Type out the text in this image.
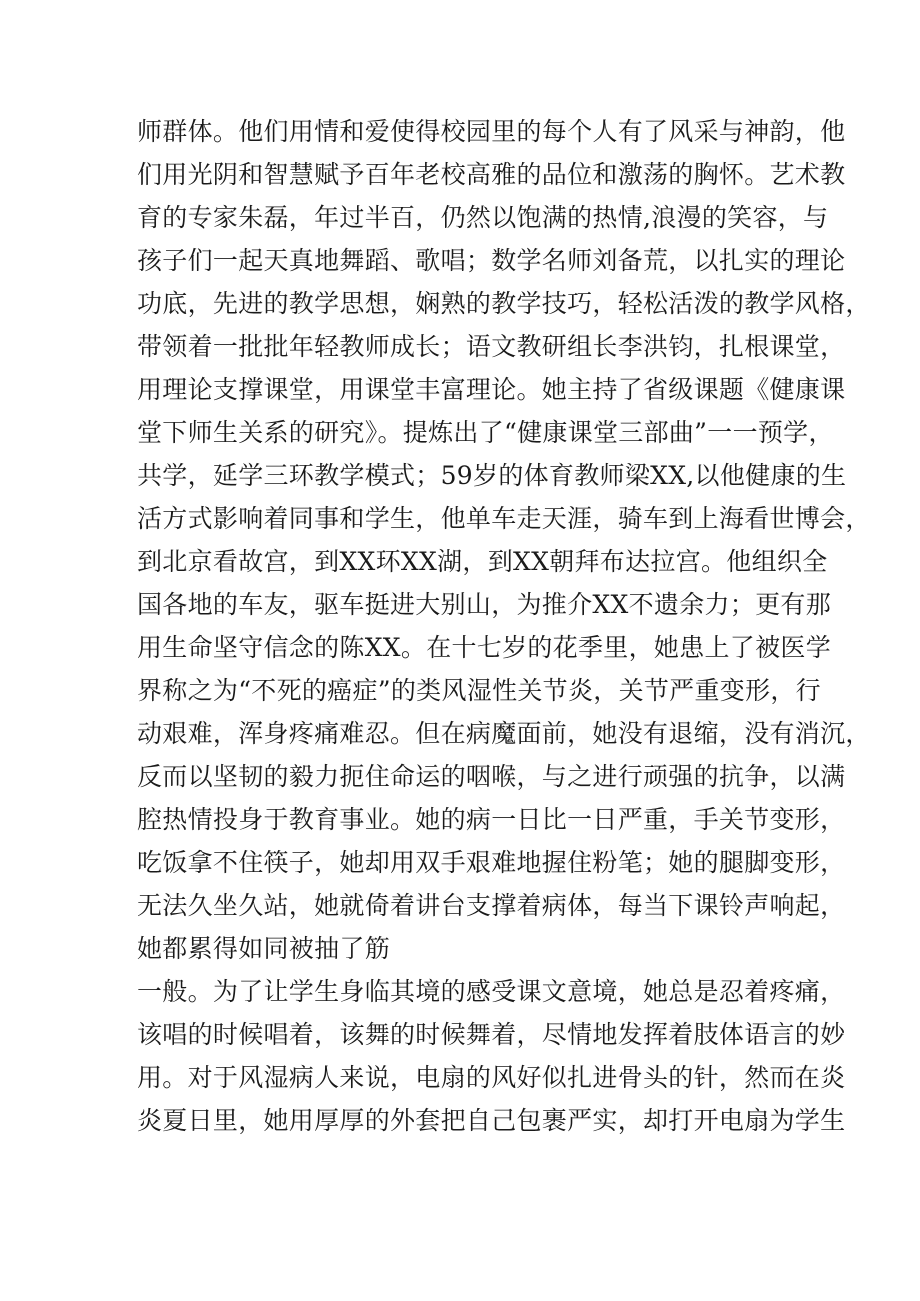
师群体。他们用情和爱使得校园里的每个人有了风采与神韵，他
们用光阴和智慧赋予百年老校高雅的品位和激荡的胸怀。艺术教
育的专家朱磊，年过半百，仍然以饱满的热情,浪漫的笑容，与
孩子们一起天真地舞蹈、歌唱；数学名师刘备荒，以扎实的理论
功底，先进的教学思想，娴熟的教学技巧，轻松活泼的教学风格，
带领着一批批年轻教师成长；语文教研组长李洪钧，扎根课堂，
用理论支撑课堂，用课堂丰富理论。她主持了省级课题《健康课
堂下师生关系的研究》。提炼出了“健康课堂三部曲”一一预学，
共学，延学三环教学模式；59岁的体育教师梁XX,以他健康的生
活方式影响着同事和学生，他单车走天涯，骑车到上海看世博会，
到北京看故宫，到XX环XX湖，到XX朝拜布达拉宫。他组织全
国各地的车友，驱车挺进大别山，为推介XX不遗余力；更有那
用生命坚守信念的陈XX。在十七岁的花季里，她患上了被医学
界称之为“不死的癌症”的类风湿性关节炎，关节严重变形，行
动艰难，浑身疼痛难忍。但在病魔面前，她没有退缩，没有消沉，
反而以坚韧的毅力扼住命运的咽喉，与之进行顽强的抗争，以满
腔热情投身于教育事业。她的病一日比一日严重，手关节变形，
吃饭拿不住筷子，她却用双手艰难地握住粉笔；她的腿脚变形，
无法久坐久站，她就倚着讲台支撑着病体，每当下课铃声响起，
她都累得如同被抽了筋
一般。为了让学生身临其境的感受课文意境，她总是忍着疼痛，
该唱的时候唱着，该舞的时候舞着，尽情地发挥着肢体语言的妙
用。对于风湿病人来说，电扇的风好似扎进骨头的针，然而在炎
炎夏日里，她用厚厚的外套把自己包裹严实，却打开电扇为学生
